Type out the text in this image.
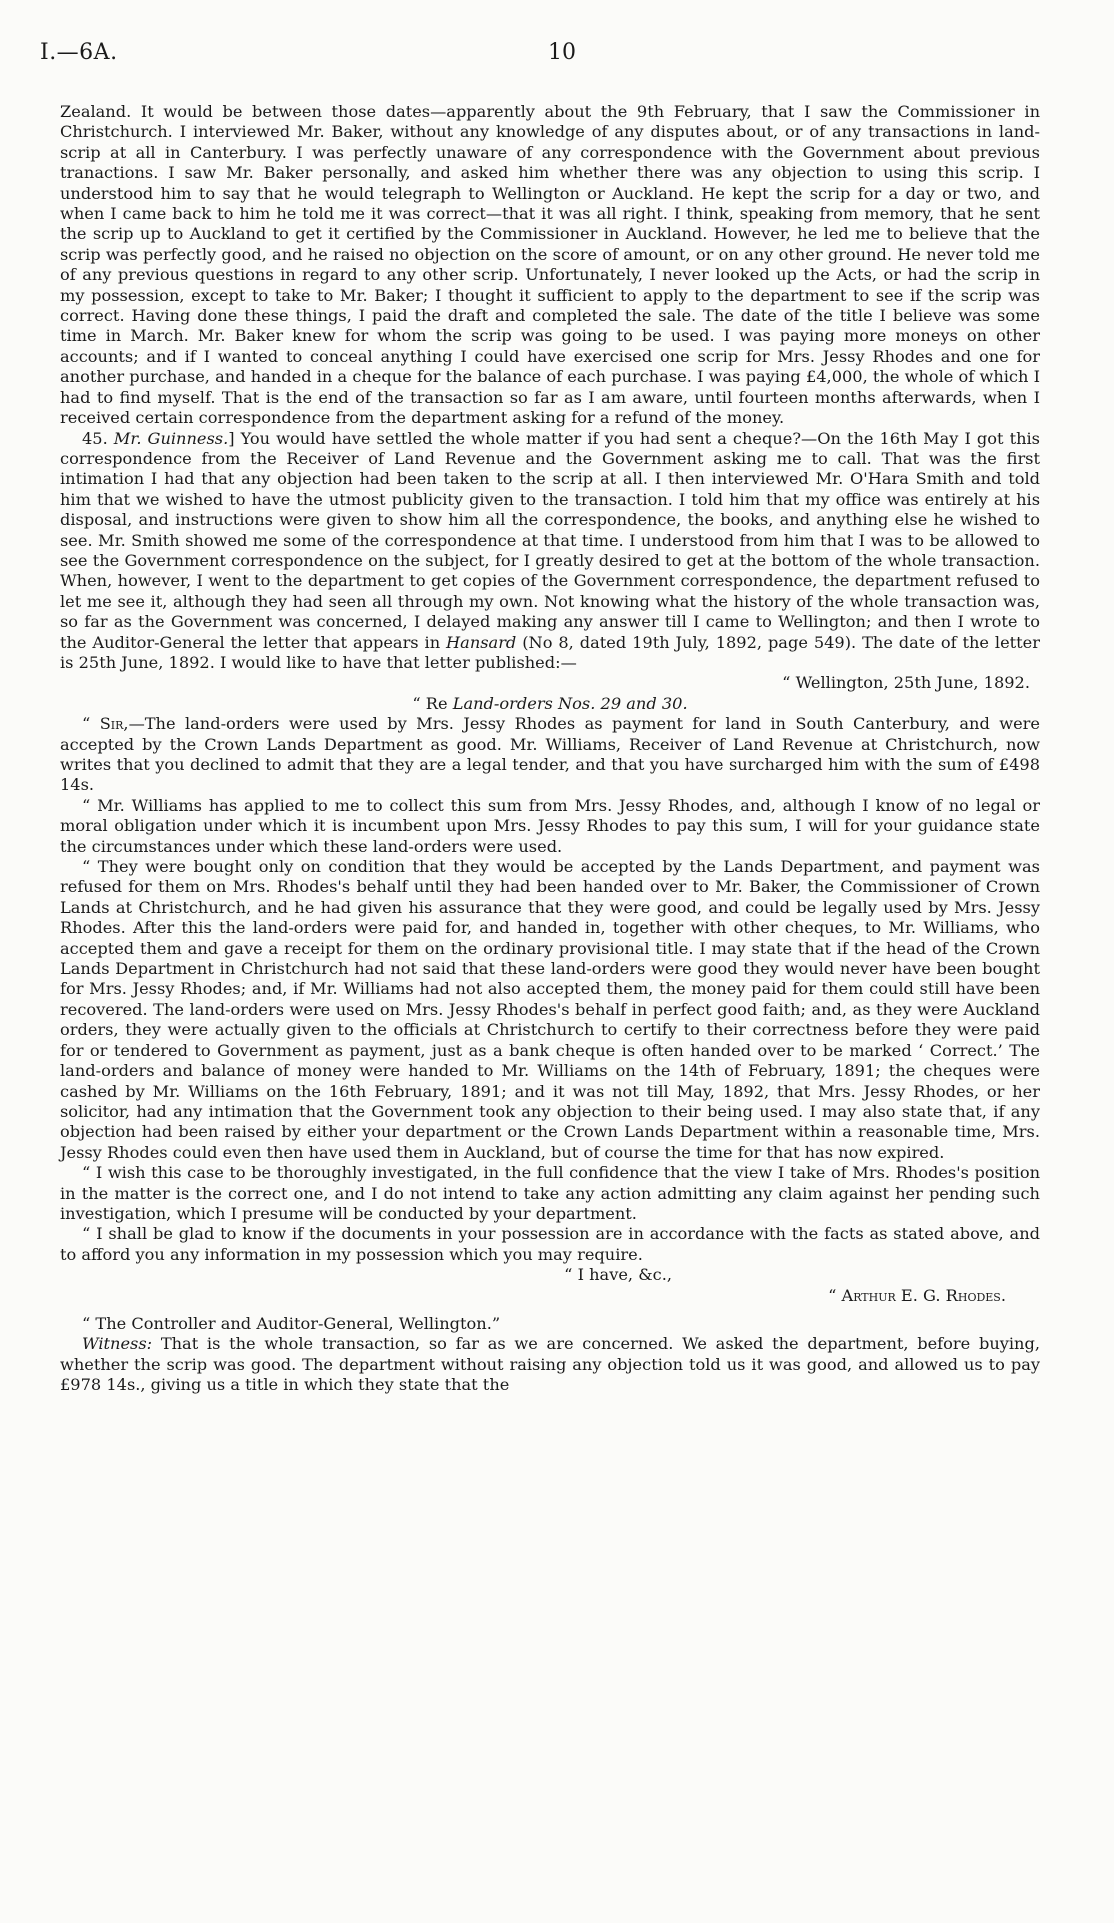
I.—6A.	10

Zealand. It would be between those dates—apparently about the 9th February, that I saw the Commissioner in Christchurch. I interviewed Mr. Baker, without any knowledge of any disputes about, or of any transactions in land-scrip at all in Canterbury. I was perfectly unaware of any correspondence with the Government about previous tranactions. I saw Mr. Baker personally, and asked him whether there was any objection to using this scrip. I understood him to say that he would telegraph to Wellington or Auckland. He kept the scrip for a day or two, and when I came back to him he told me it was correct—that it was all right. I think, speaking from memory, that he sent the scrip up to Auckland to get it certified by the Commissioner in Auckland. However, he led me to believe that the scrip was perfectly good, and he raised no objection on the score of amount, or on any other ground. He never told me of any previous questions in regard to any other scrip. Unfortunately, I never looked up the Acts, or had the scrip in my possession, except to take to Mr. Baker; I thought it sufficient to apply to the department to see if the scrip was correct. Having done these things, I paid the draft and completed the sale. The date of the title I believe was some time in March. Mr. Baker knew for whom the scrip was going to be used. I was paying more moneys on other accounts; and if I wanted to conceal anything I could have exercised one scrip for Mrs. Jessy Rhodes and one for another purchase, and handed in a cheque for the balance of each purchase. I was paying £4,000, the whole of which I had to find myself. That is the end of the transaction so far as I am aware, until fourteen months afterwards, when I received certain correspondence from the department asking for a refund of the money.

45. Mr. Guinness.] You would have settled the whole matter if you had sent a cheque?—On the 16th May I got this correspondence from the Receiver of Land Revenue and the Government asking me to call. That was the first intimation I had that any objection had been taken to the scrip at all. I then interviewed Mr. O'Hara Smith and told him that we wished to have the utmost publicity given to the transaction. I told him that my office was entirely at his disposal, and instructions were given to show him all the correspondence, the books, and anything else he wished to see. Mr. Smith showed me some of the correspondence at that time. I understood from him that I was to be allowed to see the Government correspondence on the subject, for I greatly desired to get at the bottom of the whole transaction. When, however, I went to the department to get copies of the Government correspondence, the department refused to let me see it, although they had seen all through my own. Not knowing what the history of the whole transaction was, so far as the Government was concerned, I delayed making any answer till I came to Wellington; and then I wrote to the Auditor-General the letter that appears in Hansard (No 8, dated 19th July, 1892, page 549). The date of the letter is 25th June, 1892. I would like to have that letter published:—

“ Wellington, 25th June, 1892.

“ Re Land-orders Nos. 29 and 30.

“ Sir,—The land-orders were used by Mrs. Jessy Rhodes as payment for land in South Canterbury, and were accepted by the Crown Lands Department as good. Mr. Williams, Receiver of Land Revenue at Christchurch, now writes that you declined to admit that they are a legal tender, and that you have surcharged him with the sum of £498 14s.

“ Mr. Williams has applied to me to collect this sum from Mrs. Jessy Rhodes, and, although I know of no legal or moral obligation under which it is incumbent upon Mrs. Jessy Rhodes to pay this sum, I will for your guidance state the circumstances under which these land-orders were used.

“ They were bought only on condition that they would be accepted by the Lands Department, and payment was refused for them on Mrs. Rhodes's behalf until they had been handed over to Mr. Baker, the Commissioner of Crown Lands at Christchurch, and he had given his assurance that they were good, and could be legally used by Mrs. Jessy Rhodes. After this the land-orders were paid for, and handed in, together with other cheques, to Mr. Williams, who accepted them and gave a receipt for them on the ordinary provisional title. I may state that if the head of the Crown Lands Department in Christchurch had not said that these land-orders were good they would never have been bought for Mrs. Jessy Rhodes; and, if Mr. Williams had not also accepted them, the money paid for them could still have been recovered. The land-orders were used on Mrs. Jessy Rhodes's behalf in perfect good faith; and, as they were Auckland orders, they were actually given to the officials at Christchurch to certify to their correctness before they were paid for or tendered to Government as payment, just as a bank cheque is often handed over to be marked ‘ Correct.’ The land-orders and balance of money were handed to Mr. Williams on the 14th of February, 1891; the cheques were cashed by Mr. Williams on the 16th February, 1891; and it was not till May, 1892, that Mrs. Jessy Rhodes, or her solicitor, had any intimation that the Government took any objection to their being used. I may also state that, if any objection had been raised by either your department or the Crown Lands Department within a reasonable time, Mrs. Jessy Rhodes could even then have used them in Auckland, but of course the time for that has now expired.

“ I wish this case to be thoroughly investigated, in the full confidence that the view I take of Mrs. Rhodes's position in the matter is the correct one, and I do not intend to take any action admitting any claim against her pending such investigation, which I presume will be conducted by your department.

“ I shall be glad to know if the documents in your possession are in accordance with the facts as stated above, and to afford you any information in my possession which you may require.

“ I have, &c.,

“ Arthur E. G. Rhodes.

“ The Controller and Auditor-General, Wellington.”

Witness: That is the whole transaction, so far as we are concerned. We asked the department, before buying, whether the scrip was good. The department without raising any objection told us it was good, and allowed us to pay £978 14s., giving us a title in which they state that the
